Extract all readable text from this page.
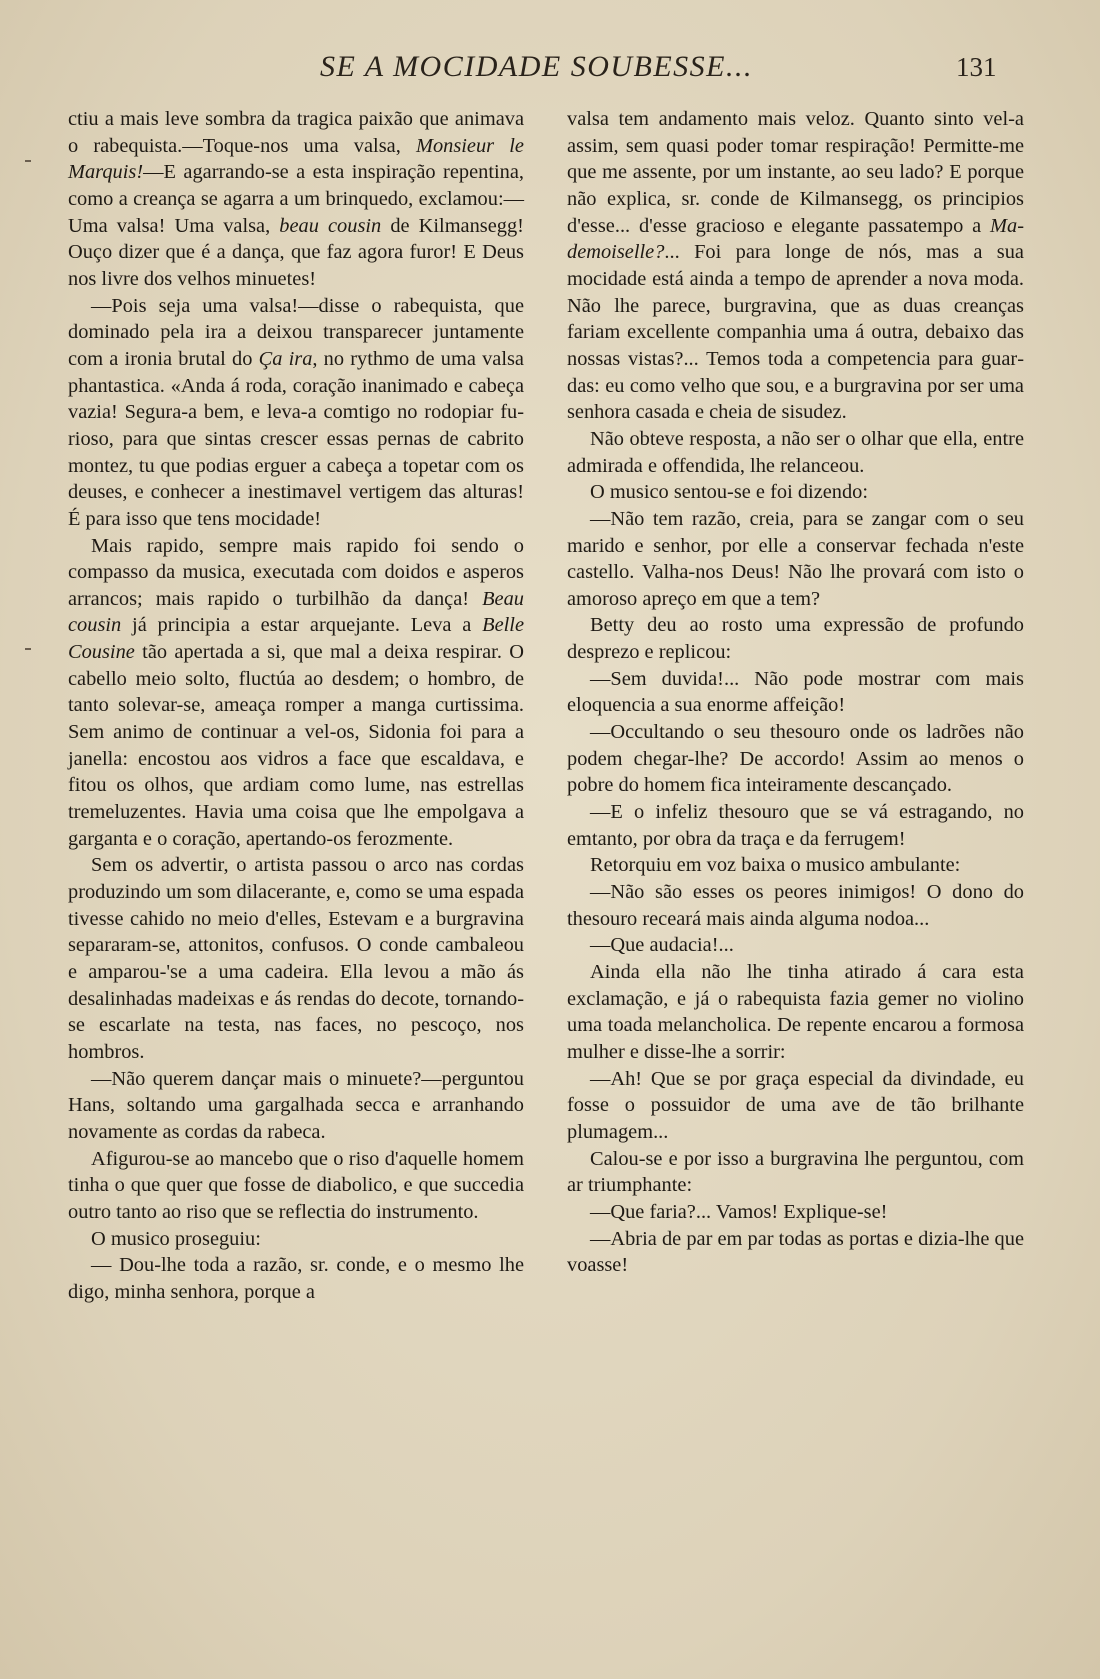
SE A MOCIDADE SOUBESSE...	131

ctiu a mais leve sombra da tragica paixão que animava o rabequista.—Toque-nos uma valsa, Monsieur le Marquis!—E agarrando-se a esta inspiração repentina, como a creança se agarra a um brinquedo, exclamou:—Uma valsa! Uma valsa, beau cousin de Kilmansegg! Ouço dizer que é a dança, que faz agora furor! E Deus nos livre dos velhos minuetes!

—Pois seja uma valsa!—disse o rabequista, que dominado pela ira a deixou transparecer juntamente com a ironia brutal do Ça ira, no rythmo de uma valsa phantastica. «Anda á roda, coração inanimado e cabeça vazia! Segura-a bem, e leva-a comtigo no rodopiar furioso, para que sintas crescer essas pernas de cabrito montez, tu que podias erguer a cabeça a topetar com os deuses, e conhecer a inestimavel vertigem das alturas! É para isso que tens mocidade!

Mais rapido, sempre mais rapido foi sendo o compasso da musica, executada com doidos e asperos arrancos; mais rapido o turbilhão da dança! Beau cousin já principia a estar arquejante. Leva a Belle Cousine tão apertada a si, que mal a deixa respirar. O cabello meio solto, fluctúa ao desdem; o hombro, de tanto solevar-se, ameaça romper a manga curtissima. Sem animo de continuar a vel-os, Sidonia foi para a janella: encostou aos vidros a face que escaldava, e fitou os olhos, que ardiam como lume, nas estrellas tremeluzentes. Havia uma coisa que lhe empolgava a garganta e o coração, apertando-os ferozmente.

Sem os advertir, o artista passou o arco nas cordas produzindo um som dilacerante, e, como se uma espada tivesse cahido no meio d'elles, Estevam e a burgravina separaram-se, attonitos, confusos. O conde cambaleou e amparou-'se a uma cadeira. Ella levou a mão ás desalinhadas madeixas e ás rendas do decote, tornando-se escarlate na testa, nas faces, no pescoço, nos hombros.

—Não querem dançar mais o minuete?—perguntou Hans, soltando uma gargalhada secca e arranhando novamente as cordas da rabeca.

Afigurou-se ao mancebo que o riso d'aquelle homem tinha o que quer que fosse de diabolico, e que succedia outro tanto ao riso que se reflectia do instrumento.

O musico proseguiu:

— Dou-lhe toda a razão, sr. conde, e o mesmo lhe digo, minha senhora, porque a

valsa tem andamento mais veloz. Quanto sinto vel-a assim, sem quasi poder tomar respiração! Permitte-me que me assente, por um instante, ao seu lado? E porque não explica, sr. conde de Kilmansegg, os principios d'esse... d'esse gracioso e elegante passatempo a Mademoiselle?... Foi para longe de nós, mas a sua mocidade está ainda a tempo de aprender a nova moda. Não lhe parece, burgravina, que as duas creanças fariam excellente companhia uma á outra, debaixo das nossas vistas?... Temos toda a competencia para guardas: eu como velho que sou, e a burgravina por ser uma senhora casada e cheia de sisudez.

Não obteve resposta, a não ser o olhar que ella, entre admirada e offendida, lhe relanceou.

O musico sentou-se e foi dizendo:

—Não tem razão, creia, para se zangar com o seu marido e senhor, por elle a conservar fechada n'este castello. Valha-nos Deus! Não lhe provará com isto o amoroso apreço em que a tem?

Betty deu ao rosto uma expressão de profundo desprezo e replicou:

—Sem duvida!... Não pode mostrar com mais eloquencia a sua enorme affeição!

—Occultando o seu thesouro onde os ladrões não podem chegar-lhe? De accordo! Assim ao menos o pobre do homem fica inteiramente descançado.

—E o infeliz thesouro que se vá estragando, no emtanto, por obra da traça e da ferrugem!

Retorquiu em voz baixa o musico ambulante:

—Não são esses os peores inimigos! O dono do thesouro receará mais ainda alguma nodoa...

—Que audacia!...

Ainda ella não lhe tinha atirado á cara esta exclamação, e já o rabequista fazia gemer no violino uma toada melancholica. De repente encarou a formosa mulher e disse-lhe a sorrir:

—Ah! Que se por graça especial da divindade, eu fosse o possuidor de uma ave de tão brilhante plumagem...

Calou-se e por isso a burgravina lhe perguntou, com ar triumphante:

—Que faria?... Vamos! Explique-se!

—Abria de par em par todas as portas e dizia-lhe que voasse!
